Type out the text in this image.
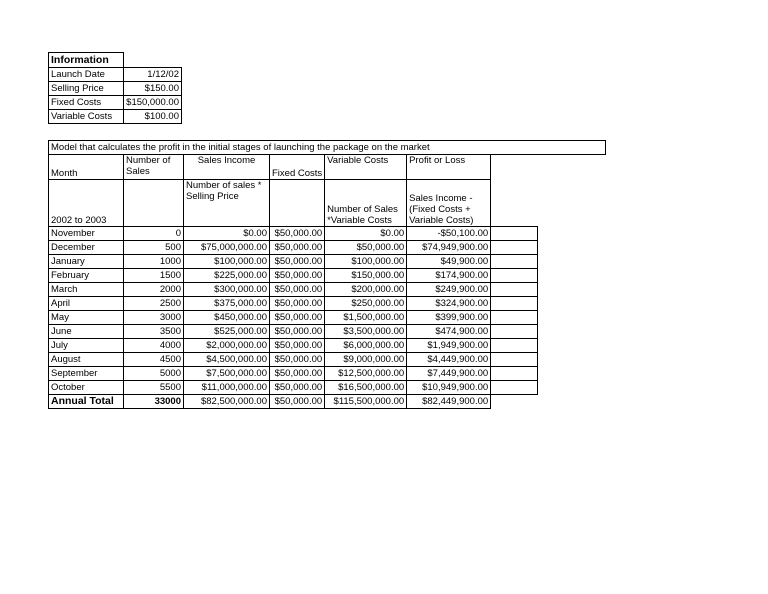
Information	
Launch Date	1/12/02
Selling Price	$150.00
Fixed Costs	$150,000.00
Variable Costs	$100.00
Model that calculates the profit in the initial stages of launching the package on the market
Month	Number of Sales	Sales Income	Fixed Costs	Variable Costs	Profit or Loss	
2002 to 2003		Number of sales * Selling Price		Number of Sales *Variable Costs	Sales Income - (Fixed Costs + Variable Costs)	
November	0	$0.00	$50,000.00	$0.00	-$50,100.00	
December	500	$75,000,000.00	$50,000.00	$50,000.00	$74,949,900.00	
January	1000	$100,000.00	$50,000.00	$100,000.00	$49,900.00	
February	1500	$225,000.00	$50,000.00	$150,000.00	$174,900.00	
March	2000	$300,000.00	$50,000.00	$200,000.00	$249,900.00	
April	2500	$375,000.00	$50,000.00	$250,000.00	$324,900.00	
May	3000	$450,000.00	$50,000.00	$1,500,000.00	$399,900.00	
June	3500	$525,000.00	$50,000.00	$3,500,000.00	$474,900.00	
July	4000	$2,000,000.00	$50,000.00	$6,000,000.00	$1,949,900.00	
August	4500	$4,500,000.00	$50,000.00	$9,000,000.00	$4,449,900.00	
September	5000	$7,500,000.00	$50,000.00	$12,500,000.00	$7,449,900.00	
October	5500	$11,000,000.00	$50,000.00	$16,500,000.00	$10,949,900.00	
Annual Total	33000	$82,500,000.00	$50,000.00	$115,500,000.00	$82,449,900.00	
